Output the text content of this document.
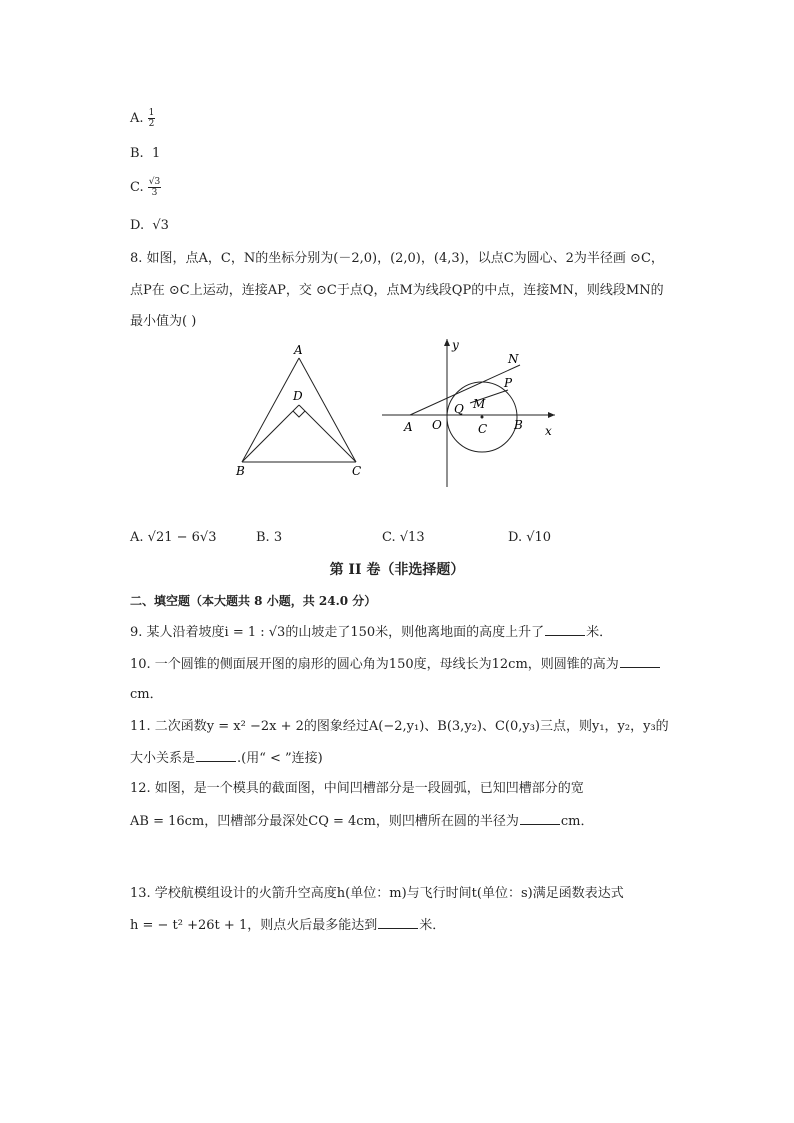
A. $\frac{1}{2}$
B. 1
C. $\frac{√3}{3}$
D. √3
8. 如图，点A，C，N的坐标分别为(－2,0)，(2,0)，(4,3)，以点C为圆心、2为半径画 ⊙C，
点P在 ⊙C上运动，连接AP，交 ⊙C于点Q，点M为线段QP的中点，连接MN，则线段MN的
最小值为( )
A
D
B	C
y
x
N
P
Q M
A O	C B
A. √21 − 6√3	B. 3	C. √13	D. √10
第 II 卷（非选择题）
二、填空题（本大题共 8 小题，共 24.0 分）
9. 某人沿着坡度i = 1 : √3的山坡走了150米，则他离地面的高度上升了	米．
10. 一个圆锥的侧面展开图的扇形的圆心角为150度，母线长为12cm，则圆锥的高为
cm．
11. 二次函数y = x² −2x + 2的图象经过A(−2,y₁)、B(3,y₂)、C(0,y₃)三点，则y₁，y₂，y₃的
大小关系是	.(用“ < ”连接)
12. 如图，是一个模具的截面图，中间凹槽部分是一段圆弧，已知凹槽部分的宽
AB = 16cm，凹槽部分最深处CQ = 4cm，则凹槽所在圆的半径为	cm．
13. 学校航模组设计的火箭升空高度h(单位：m)与飞行时间t(单位：s)满足函数表达式
h = − t² +26t + 1，则点火后最多能达到	米．
